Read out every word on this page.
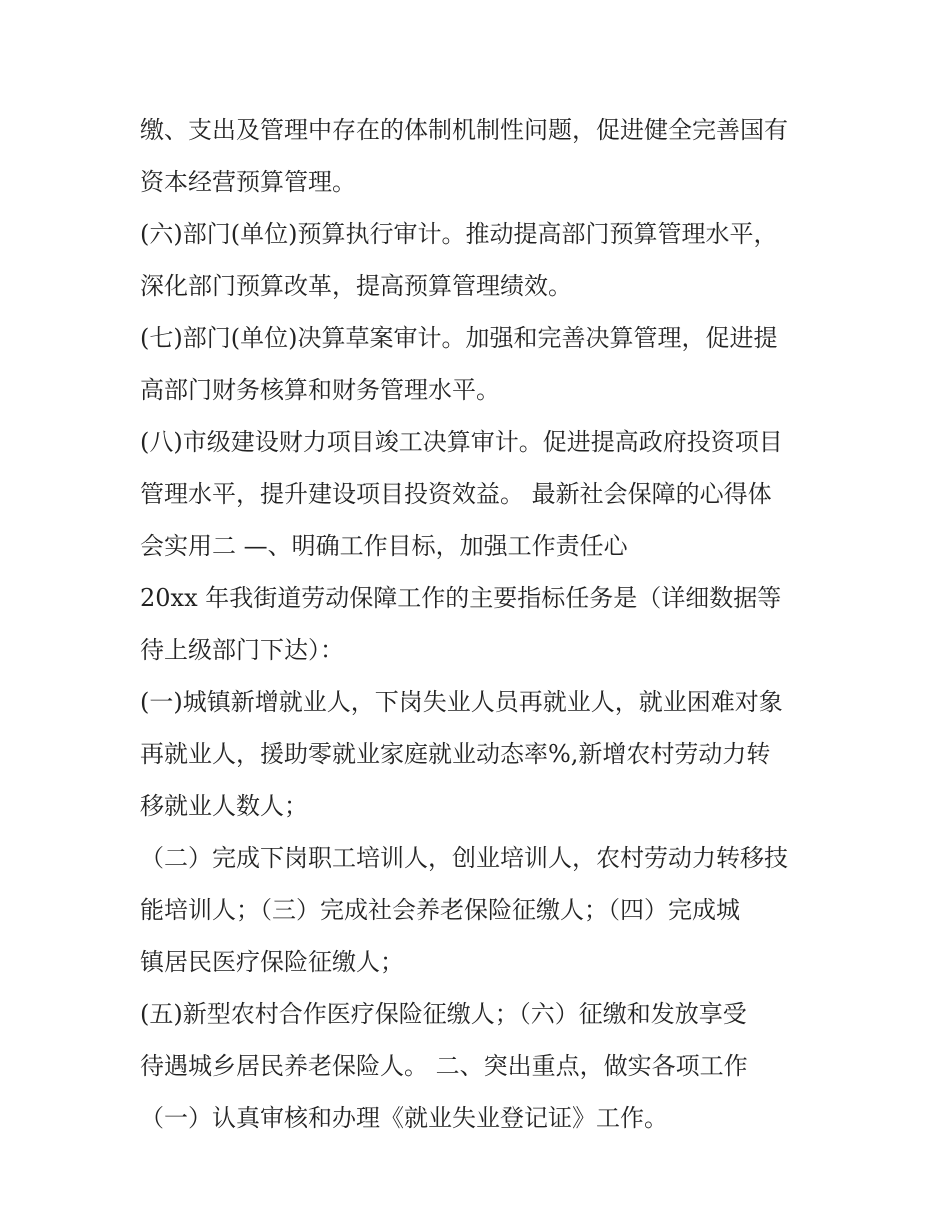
缴、支出及管理中存在的体制机制性问题，促进健全完善国有
资本经营预算管理。
(六)部门(单位)预算执行审计。推动提高部门预算管理水平，
深化部门预算改革，提高预算管理绩效。
(七)部门(单位)决算草案审计。加强和完善决算管理，促进提
高部门财务核算和财务管理水平。
(八)市级建设财力项目竣工决算审计。促进提高政府投资项目
管理水平，提升建设项目投资效益。 最新社会保障的心得体
会实用二 —、明确工作目标，加强工作责任心
20xx 年我街道劳动保障工作的主要指标任务是（详细数据等
待上级部门下达）：
(一)城镇新增就业人，下岗失业人员再就业人，就业困难对象
再就业人，援助零就业家庭就业动态率%,新增农村劳动力转
移就业人数人；
（二）完成下岗职工培训人，创业培训人，农村劳动力转移技
能培训人；（三）完成社会养老保险征缴人；（四）完成城
镇居民医疗保险征缴人；
(五)新型农村合作医疗保险征缴人；（六）征缴和发放享受
待遇城乡居民养老保险人。 二、突出重点，做实各项工作
（一）认真审核和办理《就业失业登记证》工作。
